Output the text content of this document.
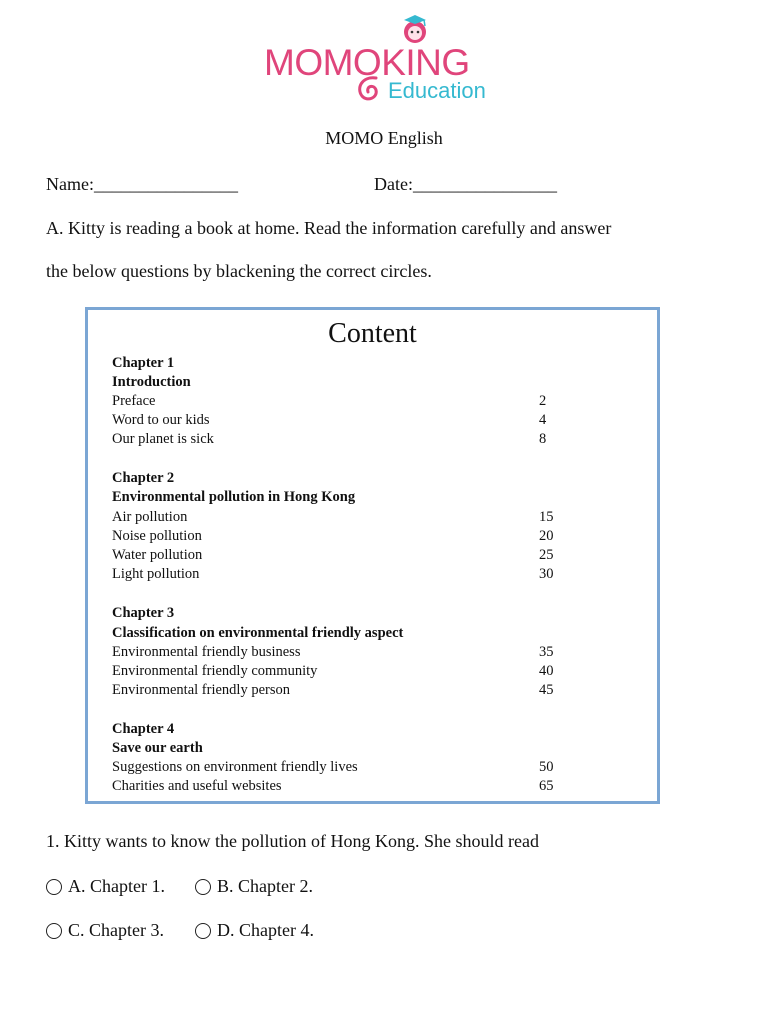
MOMOKING
Education
MOMO English
Name:________________	Date:________________
A. Kitty is reading a book at home. Read the information carefully and answer
the below questions by blackening the correct circles.
Content
Chapter 1
Introduction
Preface	2
Word to our kids	4
Our planet is sick	8
Chapter 2
Environmental pollution in Hong Kong
Air pollution	15
Noise pollution	20
Water pollution	25
Light pollution	30
Chapter 3
Classification on environmental friendly aspect
Environmental friendly business	35
Environmental friendly community	40
Environmental friendly person	45
Chapter 4
Save our earth
Suggestions on environment friendly lives	50
Charities and useful websites	65
1. Kitty wants to know the pollution of Hong Kong. She should read
A. Chapter 1.	B. Chapter 2.
C. Chapter 3.	D. Chapter 4.
